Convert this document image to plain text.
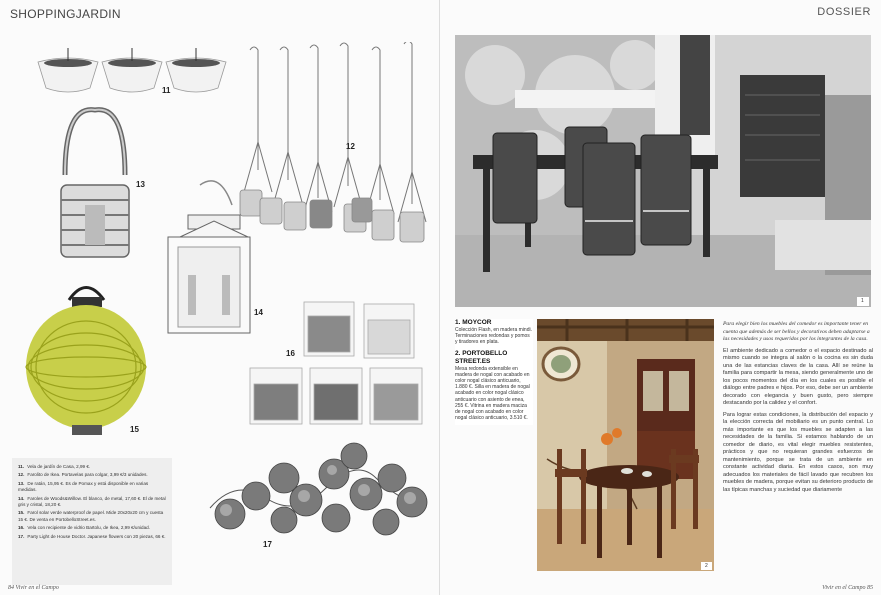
SHOPPINGJARDIN
11
13
12
14
15
16
17
11. Vela de jardín de Casa, 2,99 €.
12. Farolito de Ikea. Portavelas para colgar, 3,99 €/3 unidades.
13. De ratán, 15,95 €. Es de Pomax y está disponible en varias medidas.
14. Faroles de Woods&Willow. El blanco, de metal, 17,60 €. El de metal gris y cristal, 18,20 €.
15. Farol solar verde waterproof de papel. Mide 20x20x20 cm y cuesta 15 €. De venta en PortobelloStreet.es.
16. Vela con recipiente de vidrio Bartolu, de Ikea, 2,99 €/unidad.
17. Party Light de House Doctor. Japanese flowers con 20 piezas, 66 €.
84 Vivir en el Campo
DOSSIER
1
1. MOYCOR
Colección Flash, en madera mindi. Terminaciones redondas y pomos y tiradores en plata.
2. PORTOBELLO STREET.ES
Mesa redonda extensible en madera de nogal con acabado en color nogal clásico anticuario, 1.880 €. Silla en madera de nogal acabado en color nogal clásico anticuario con asiento de enea, 255 €. Vitrina en madera maciza de nogal con acabado en color nogal clásico anticuario, 3.510 €.
2

Para elegir bien los muebles del comedor es importante tener en cuenta que además de ser bellos y decorativos deben adaptarse a las necesidades y usos requeridos por los integrantes de la casa.

El ambiente dedicado a comedor o el espacio destinado al mismo cuando se integra al salón o la cocina es sin duda una de las estancias claves de la casa. Allí se reúne la familia para compartir la mesa, siendo generalmente uno de los pocos momentos del día en los cuales es posible el diálogo entre padres e hijos. Por eso, debe ser un ambiente decorado con elegancia y buen gusto, pero siempre destacando por la calidez y el confort.

Para lograr estas condiciones, la distribución del espacio y la elección correcta del mobiliario es un punto central. Lo más importante es que los muebles se adapten a las necesidades de la familia. Si estamos hablando de un comedor de diario, es vital elegir muebles resistentes, prácticos y que no requieran grandes esfuerzos de mantenimiento, porque se trata de un ambiente en constante actividad diaria. En estos casos, son muy adecuados los materiales de fácil lavado que recubren los muebles de madera, porque evitan su deterioro producto de las típicas manchas y suciedad que diariamente

Vivir en el Campo 85
